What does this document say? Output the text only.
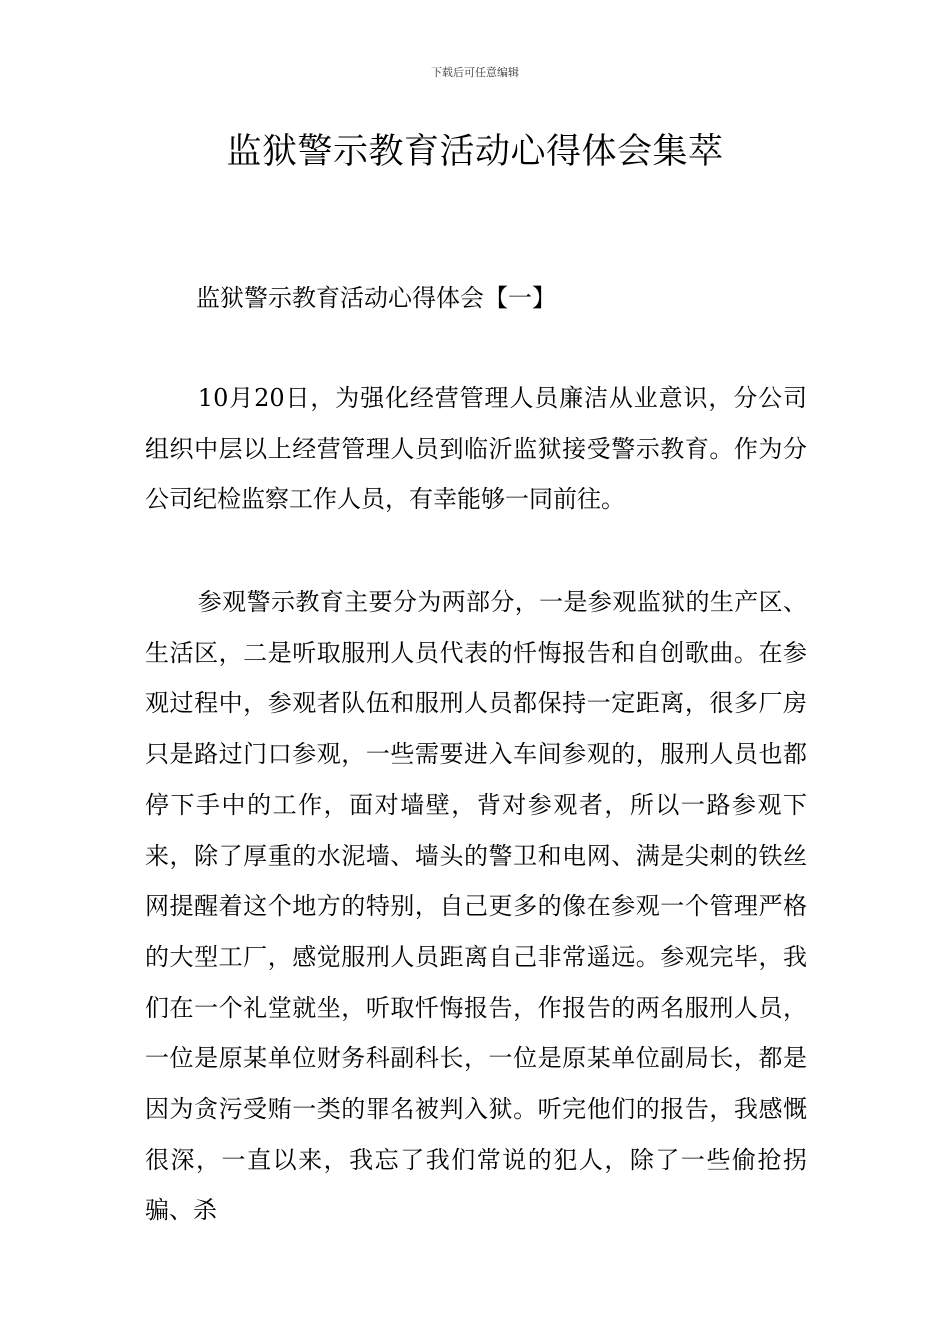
下载后可任意编辑
监狱警示教育活动心得体会集萃
监狱警示教育活动心得体会【一】

10月20日，为强化经营管理人员廉洁从业意识，分公司组织中层以上经营管理人员到临沂监狱接受警示教育。作为分公司纪检监察工作人员，有幸能够一同前往。

参观警示教育主要分为两部分，一是参观监狱的生产区、生活区，二是听取服刑人员代表的忏悔报告和自创歌曲。在参观过程中，参观者队伍和服刑人员都保持一定距离，很多厂房只是路过门口参观，一些需要进入车间参观的，服刑人员也都停下手中的工作，面对墙壁，背对参观者，所以一路参观下来，除了厚重的水泥墙、墙头的警卫和电网、满是尖刺的铁丝网提醒着这个地方的特别，自己更多的像在参观一个管理严格的大型工厂，感觉服刑人员距离自己非常遥远。参观完毕，我们在一个礼堂就坐，听取忏悔报告，作报告的两名服刑人员，一位是原某单位财务科副科长，一位是原某单位副局长，都是因为贪污受贿一类的罪名被判入狱。听完他们的报告，我感慨很深，一直以来，我忘了我们常说的犯人，除了一些偷抢拐骗、杀
